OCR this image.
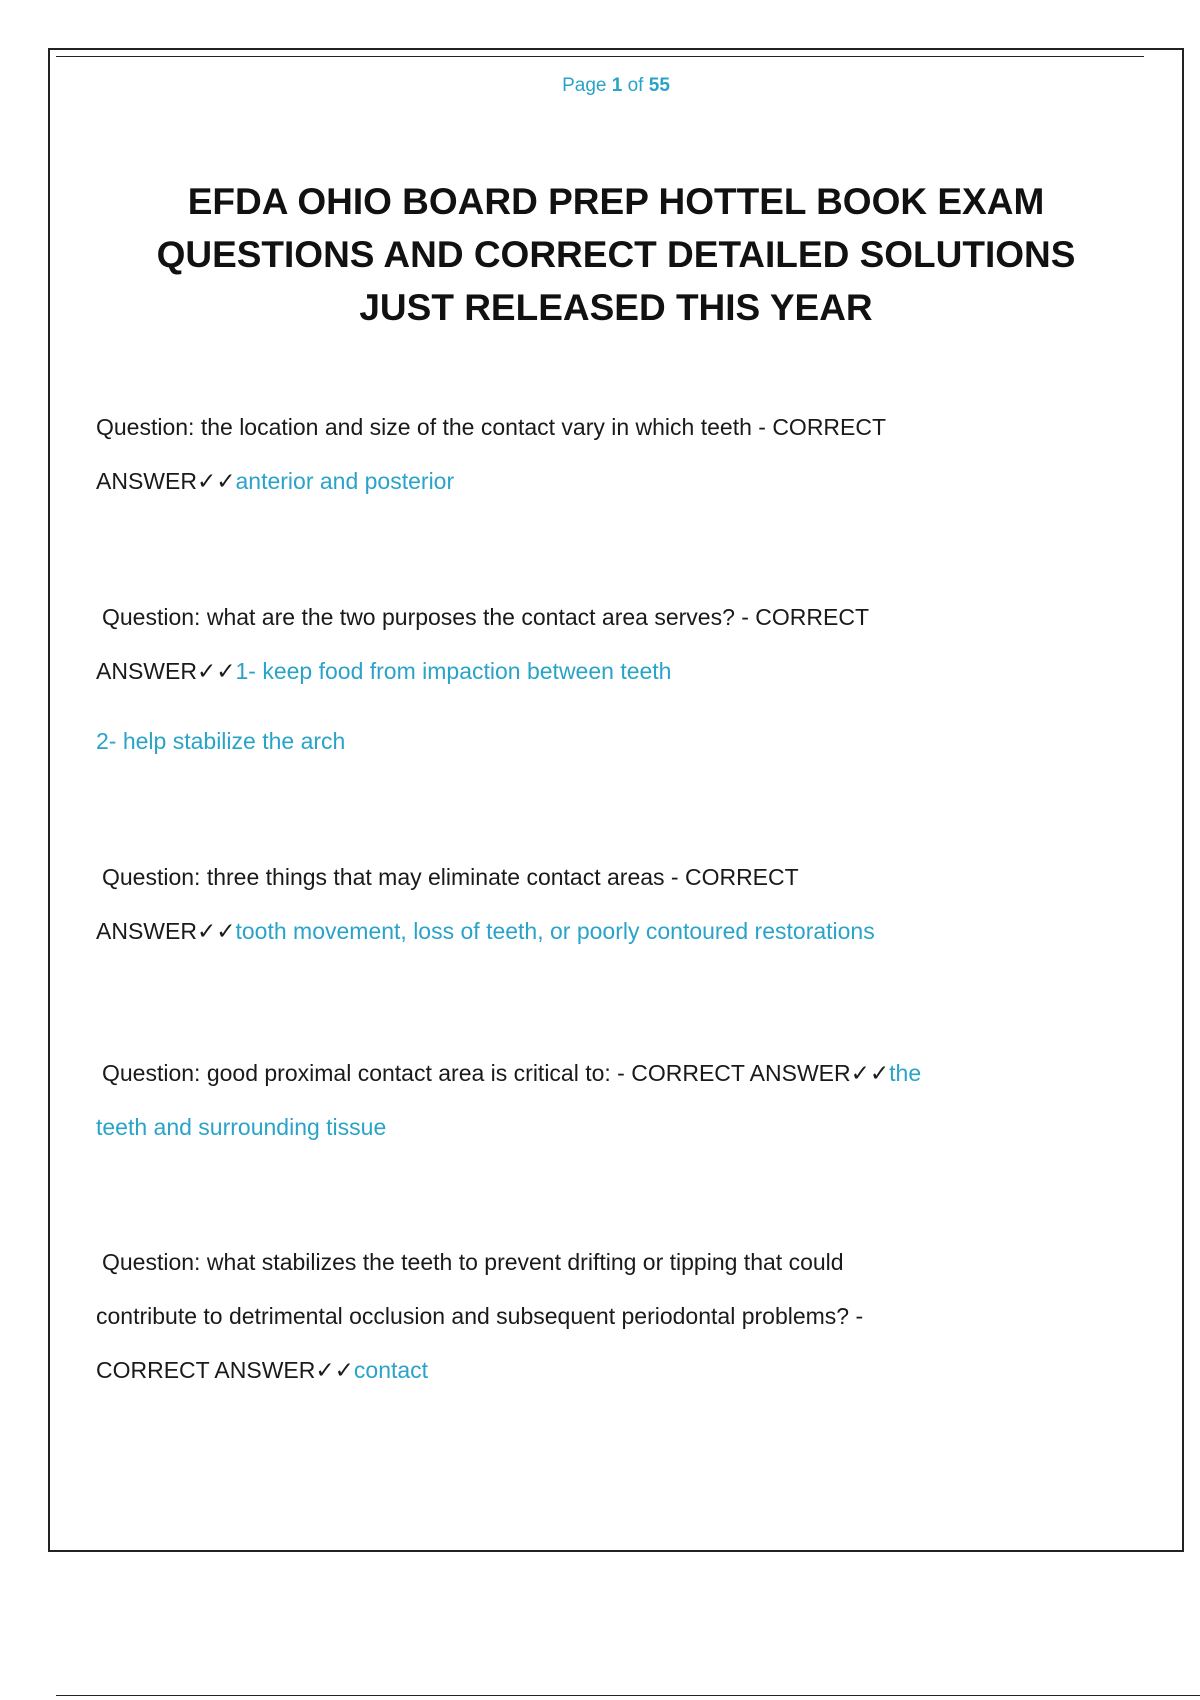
Page 1 of 55
EFDA OHIO BOARD PREP HOTTEL BOOK EXAM
QUESTIONS AND CORRECT DETAILED SOLUTIONS
JUST RELEASED THIS YEAR
Question: the location and size of the contact vary in which teeth - CORRECT
ANSWER✓✓anterior and posterior
Question: what are the two purposes the contact area serves? - CORRECT
ANSWER✓✓1- keep food from impaction between teeth
2- help stabilize the arch
Question: three things that may eliminate contact areas - CORRECT
ANSWER✓✓tooth movement, loss of teeth, or poorly contoured restorations
Question: good proximal contact area is critical to: - CORRECT ANSWER✓✓the
teeth and surrounding tissue
Question: what stabilizes the teeth to prevent drifting or tipping that could
contribute to detrimental occlusion and subsequent periodontal problems? -
CORRECT ANSWER✓✓contact
